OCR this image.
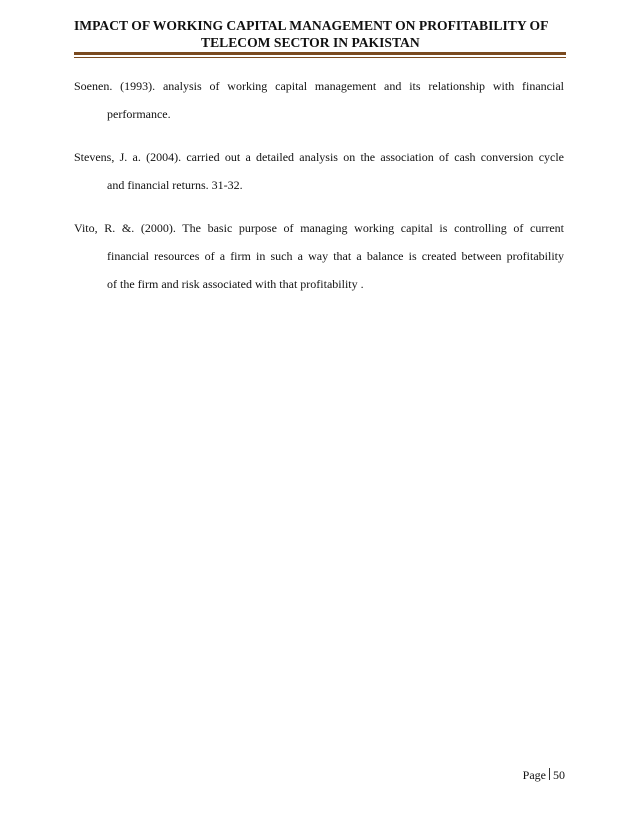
IMPACT OF WORKING CAPITAL MANAGEMENT ON PROFITABILITY OF
TELECOM SECTOR IN PAKISTAN
Soenen. (1993). analysis of working capital management and its relationship with financial
performance.
Stevens, J. a. (2004). carried out a detailed analysis on the association of cash conversion cycle
and financial returns. 31-32.
Vito, R. &. (2000). The basic purpose of managing working capital is controlling of current
financial resources of a firm in such a way that a balance is created between profitability
of the firm and risk associated with that profitability .
Page 50
